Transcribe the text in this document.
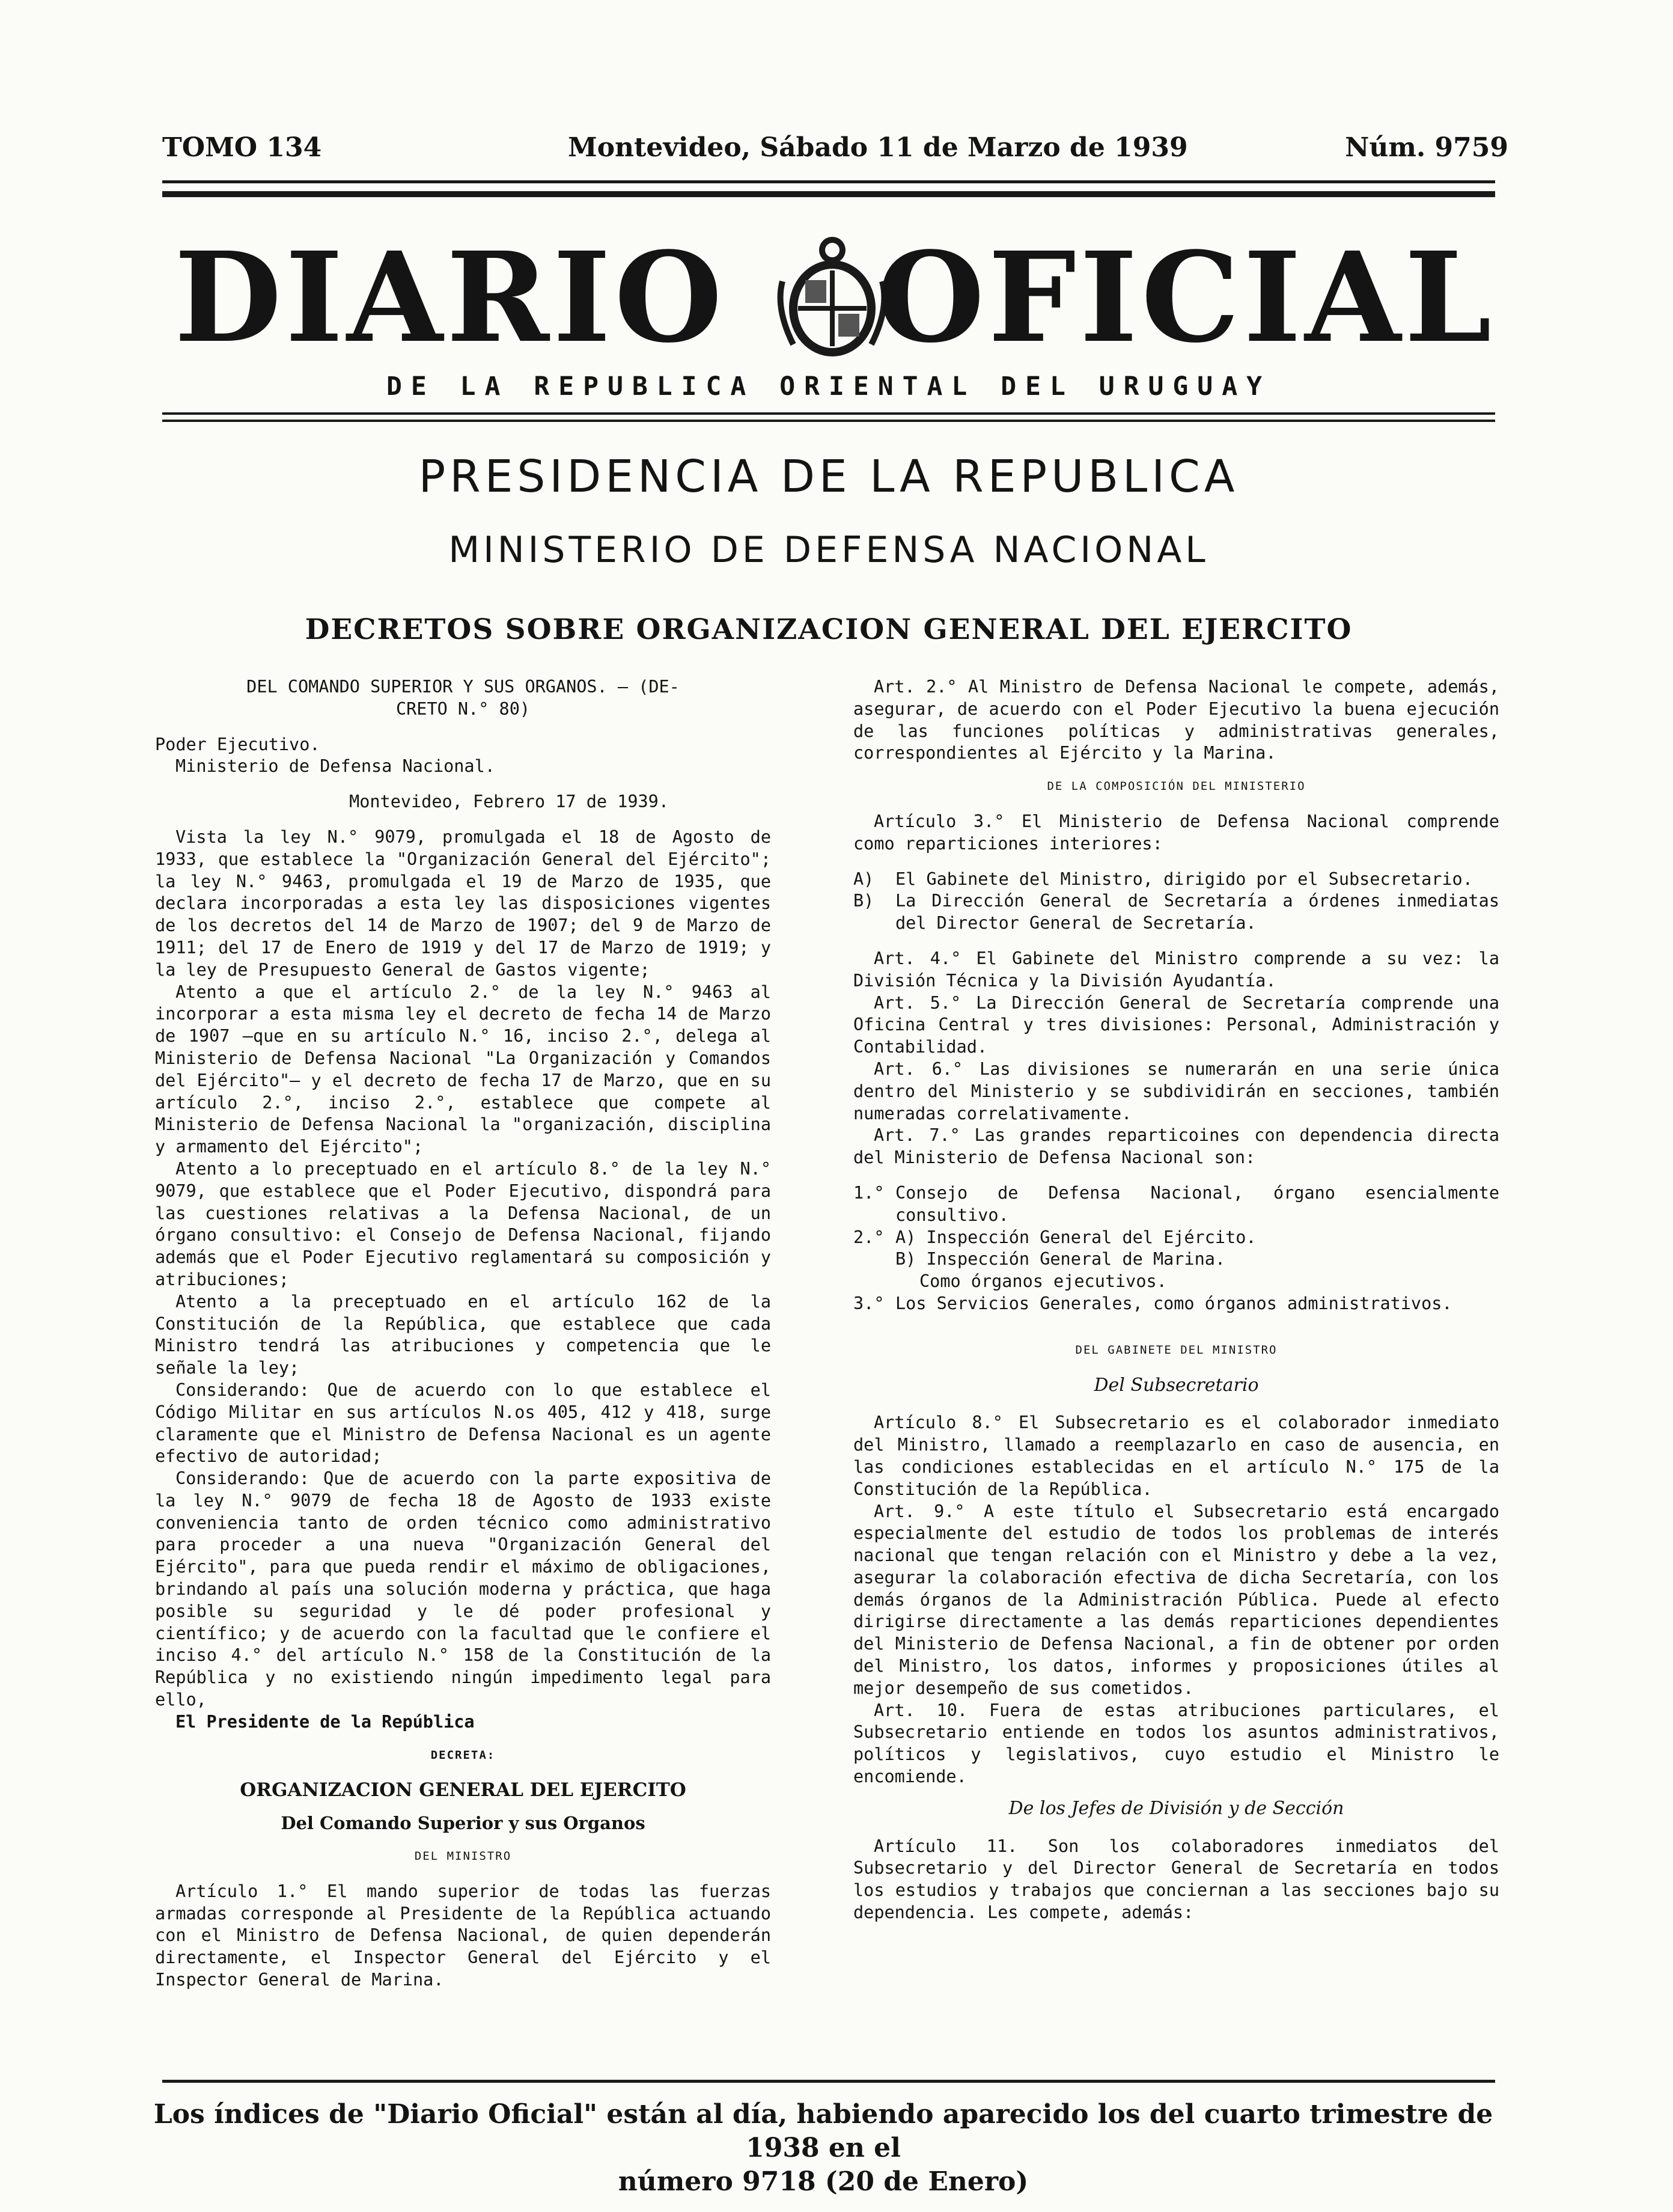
TOMO 134	Montevideo, Sábado 11 de Marzo de 1939	Núm. 9759
DIARIO OFICIAL
DE LA REPUBLICA ORIENTAL DEL URUGUAY
PRESIDENCIA DE LA REPUBLICA
MINISTERIO DE DEFENSA NACIONAL
DECRETOS SOBRE ORGANIZACION GENERAL DEL EJERCITO

DEL COMANDO SUPERIOR Y SUS ORGANOS. — (DE-

CRETO N.° 80)

Poder Ejecutivo.

Ministerio de Defensa Nacional.

Montevideo, Febrero 17 de 1939.

Vista la ley N.° 9079, promulgada el 18 de Agosto de 1933, que establece la "Organización General del Ejército"; la ley N.° 9463, promulgada el 19 de Marzo de 1935, que declara incorporadas a esta ley las disposiciones vigentes de los decretos del 14 de Marzo de 1907; del 9 de Marzo de 1911; del 17 de Enero de 1919 y del 17 de Marzo de 1919; y la ley de Presupuesto General de Gastos vigente;

Atento a que el artículo 2.° de la ley N.° 9463 al incorporar a esta misma ley el decreto de fecha 14 de Marzo de 1907 —que en su artículo N.° 16, inciso 2.°, delega al Ministerio de Defensa Nacional "La Organización y Comandos del Ejército"— y el decreto de fecha 17 de Marzo, que en su artículo 2.°, inciso 2.°, establece que compete al Ministerio de Defensa Nacional la "organización, disciplina y armamento del Ejército";

Atento a lo preceptuado en el artículo 8.° de la ley N.° 9079, que establece que el Poder Ejecutivo, dispondrá para las cuestiones relativas a la Defensa Nacional, de un órgano consultivo: el Consejo de Defensa Nacional, fijando además que el Poder Ejecutivo reglamentará su composición y atribuciones;

Atento a la preceptuado en el artículo 162 de la Constitución de la República, que establece que cada Ministro tendrá las atribuciones y competencia que le señale la ley;

Considerando: Que de acuerdo con lo que establece el Código Militar en sus artículos N.os 405, 412 y 418, surge claramente que el Ministro de Defensa Nacional es un agente efectivo de autoridad;

Considerando: Que de acuerdo con la parte expositiva de la ley N.° 9079 de fecha 18 de Agosto de 1933 existe conveniencia tanto de orden técnico como administrativo para proceder a una nueva "Organización General del Ejército", para que pueda rendir el máximo de obligaciones, brindando al país una solución moderna y práctica, que haga posible su seguridad y le dé poder profesional y científico; y de acuerdo con la facultad que le confiere el inciso 4.° del artículo N.° 158 de la Constitución de la República y no existiendo ningún impedimento legal para ello,

El Presidente de la República

DECRETA:

ORGANIZACION GENERAL DEL EJERCITO

Del Comando Superior y sus Organos

DEL MINISTRO

Artículo 1.° El mando superior de todas las fuerzas armadas corresponde al Presidente de la República actuando con el Ministro de Defensa Nacional, de quien dependerán directamente, el Inspector General del Ejército y el Inspector General de Marina.

Art. 2.° Al Ministro de Defensa Nacional le compete, además, asegurar, de acuerdo con el Poder Ejecutivo la buena ejecución de las funciones políticas y administrativas generales, correspondientes al Ejército y la Marina.

DE LA COMPOSICIÓN DEL MINISTERIO

Artículo 3.° El Ministerio de Defensa Nacional comprende como reparticiones interiores:

A)	El Gabinete del Ministro, dirigido por el Subsecretario.
B)	La Dirección General de Secretaría a órdenes inmediatas del Director General de Secretaría.

Art. 4.° El Gabinete del Ministro comprende a su vez: la División Técnica y la División Ayudantía.

Art. 5.° La Dirección General de Secretaría comprende una Oficina Central y tres divisiones: Personal, Administración y Contabilidad.

Art. 6.° Las divisiones se numerarán en una serie única dentro del Ministerio y se subdividirán en secciones, también numeradas correlativamente.

Art. 7.° Las grandes reparticoines con dependencia directa del Ministerio de Defensa Nacional son:

1.° Consejo de Defensa Nacional, órgano esencialmente consultivo.
2.° A) Inspección General del Ejército.

B) Inspección General de Marina.

Como órganos ejecutivos.

3.° Los Servicios Generales, como órganos administrativos.

DEL GABINETE DEL MINISTRO

Del Subsecretario

Artículo 8.° El Subsecretario es el colaborador inmediato del Ministro, llamado a reemplazarlo en caso de ausencia, en las condiciones establecidas en el artículo N.° 175 de la Constitución de la República.

Art. 9.° A este título el Subsecretario está encargado especialmente del estudio de todos los problemas de interés nacional que tengan relación con el Ministro y debe a la vez, asegurar la colaboración efectiva de dicha Secretaría, con los demás órganos de la Administración Pública. Puede al efecto dirigirse directamente a las demás reparticiones dependientes del Ministerio de Defensa Nacional, a fin de obtener por orden del Ministro, los datos, informes y proposiciones útiles al mejor desempeño de sus cometidos.

Art. 10. Fuera de estas atribuciones particulares, el Subsecretario entiende en todos los asuntos administrativos, políticos y legislativos, cuyo estudio el Ministro le encomiende.

De los Jefes de División y de Sección

Artículo 11. Son los colaboradores inmediatos del Subsecretario y del Director General de Secretaría en todos los estudios y trabajos que conciernan a las secciones bajo su dependencia. Les compete, además:

Los índices de "Diario Oficial" están al día, habiendo aparecido los del cuarto trimestre de 1938 en el
número 9718 (20 de Enero)
